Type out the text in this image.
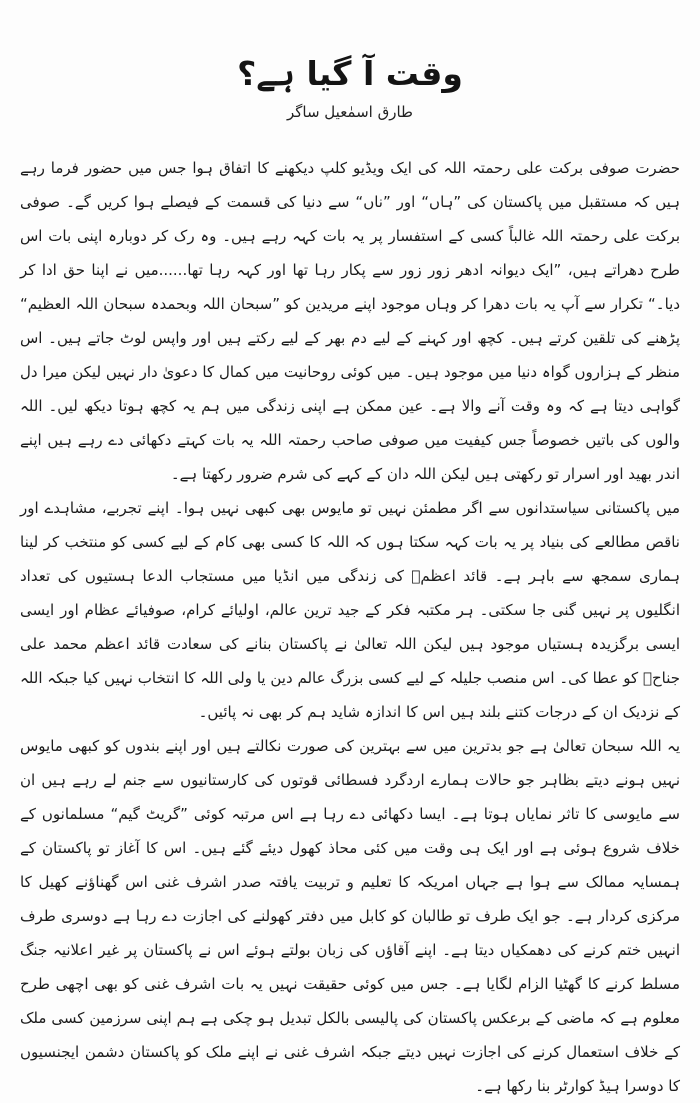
وقت آ گیا ہے؟
طارق اسمٰعیل ساگر

حضرت صوفی برکت علی رحمتہ اللہ کی ایک ویڈیو کلپ دیکھنے کا اتفاق ہوا جس میں حضور فرما رہے ہیں کہ مستقبل میں پاکستان کی ”ہاں“ اور ”ناں“ سے دنیا کی قسمت کے فیصلے ہوا کریں گے۔ صوفی برکت علی رحمتہ اللہ غالباً کسی کے استفسار پر یہ بات کہہ رہے ہیں۔ وہ رک کر دوبارہ اپنی بات اس طرح دھراتے ہیں، ”ایک دیوانہ ادھر زور زور سے پکار رہا تھا اور کہہ رہا تھا......میں نے اپنا حق ادا کر دیا۔“ تکرار سے آپ یہ بات دھرا کر وہاں موجود اپنے مریدین کو ”سبحان اللہ وبحمدہ سبحان اللہ العظیم“ پڑھنے کی تلقین کرتے ہیں۔ کچھ اور کہنے کے لیے دم بھر کے لیے رکتے ہیں اور واپس لوٹ جاتے ہیں۔ اس منظر کے ہزاروں گواہ دنیا میں موجود ہیں۔ میں کوئی روحانیت میں کمال کا دعویٰ دار نہیں لیکن میرا دل گواہی دیتا ہے کہ وہ وقت آنے والا ہے۔ عین ممکن ہے اپنی زندگی میں ہم یہ کچھ ہوتا دیکھ لیں۔ اللہ والوں کی باتیں خصوصاً جس کیفیت میں صوفی صاحب رحمتہ اللہ یہ بات کہتے دکھائی دے رہے ہیں اپنے اندر بھید اور اسرار تو رکھتی ہیں لیکن اللہ دان کے کہے کی شرم ضرور رکھتا ہے۔

میں پاکستانی سیاستدانوں سے اگر مطمئن نہیں تو مایوس بھی کبھی نہیں ہوا۔ اپنے تجربے، مشاہدے اور ناقص مطالعے کی بنیاد پر یہ بات کہہ سکتا ہوں کہ اللہ کا کسی بھی کام کے لیے کسی کو منتخب کر لینا ہماری سمجھ سے باہر ہے۔ قائد اعظمؒ کی زندگی میں انڈیا میں مستجاب الدعا ہستیوں کی تعداد انگلیوں پر نہیں گنی جا سکتی۔ ہر مکتبہ فکر کے جید ترین عالم، اولیائے کرام، صوفیائے عظام اور ایسی ایسی برگزیدہ ہستیاں موجود ہیں لیکن اللہ تعالیٰ نے پاکستان بنانے کی سعادت قائد اعظم محمد علی جناحؒ کو عطا کی۔ اس منصب جلیلہ کے لیے کسی بزرگ عالم دین یا ولی اللہ کا انتخاب نہیں کیا جبکہ اللہ کے نزدیک ان کے درجات کتنے بلند ہیں اس کا اندازہ شاید ہم کر بھی نہ پائیں۔

یہ اللہ سبحان تعالیٰ ہے جو بدترین میں سے بہترین کی صورت نکالتے ہیں اور اپنے بندوں کو کبھی مایوس نہیں ہونے دیتے بظاہر جو حالات ہمارے اردگرد فسطائی قوتوں کی کارستانیوں سے جنم لے رہے ہیں ان سے مایوسی کا تاثر نمایاں ہوتا ہے۔ ایسا دکھائی دے رہا ہے اس مرتبہ کوئی ”گریٹ گیم“ مسلمانوں کے خلاف شروع ہوئی ہے اور ایک ہی وقت میں کئی محاذ کھول دیئے گئے ہیں۔ اس کا آغاز تو پاکستان کے ہمسایہ ممالک سے ہوا ہے جہاں امریکہ کا تعلیم و تربیت یافتہ صدر اشرف غنی اس گھناؤنے کھیل کا مرکزی کردار ہے۔ جو ایک طرف تو طالبان کو کابل میں دفتر کھولنے کی اجازت دے رہا ہے دوسری طرف انہیں ختم کرنے کی دھمکیاں دیتا ہے۔ اپنے آقاؤں کی زبان بولتے ہوئے اس نے پاکستان پر غیر اعلانیہ جنگ مسلط کرنے کا گھٹیا الزام لگایا ہے۔ جس میں کوئی حقیقت نہیں یہ بات اشرف غنی کو بھی اچھی طرح معلوم ہے کہ ماضی کے برعکس پاکستان کی پالیسی بالکل تبدیل ہو چکی ہے ہم اپنی سرزمین کسی ملک کے خلاف استعمال کرنے کی اجازت نہیں دیتے جبکہ اشرف غنی نے اپنے ملک کو پاکستان دشمن ایجنسیوں کا دوسرا ہیڈ کوارٹر بنا رکھا ہے۔
